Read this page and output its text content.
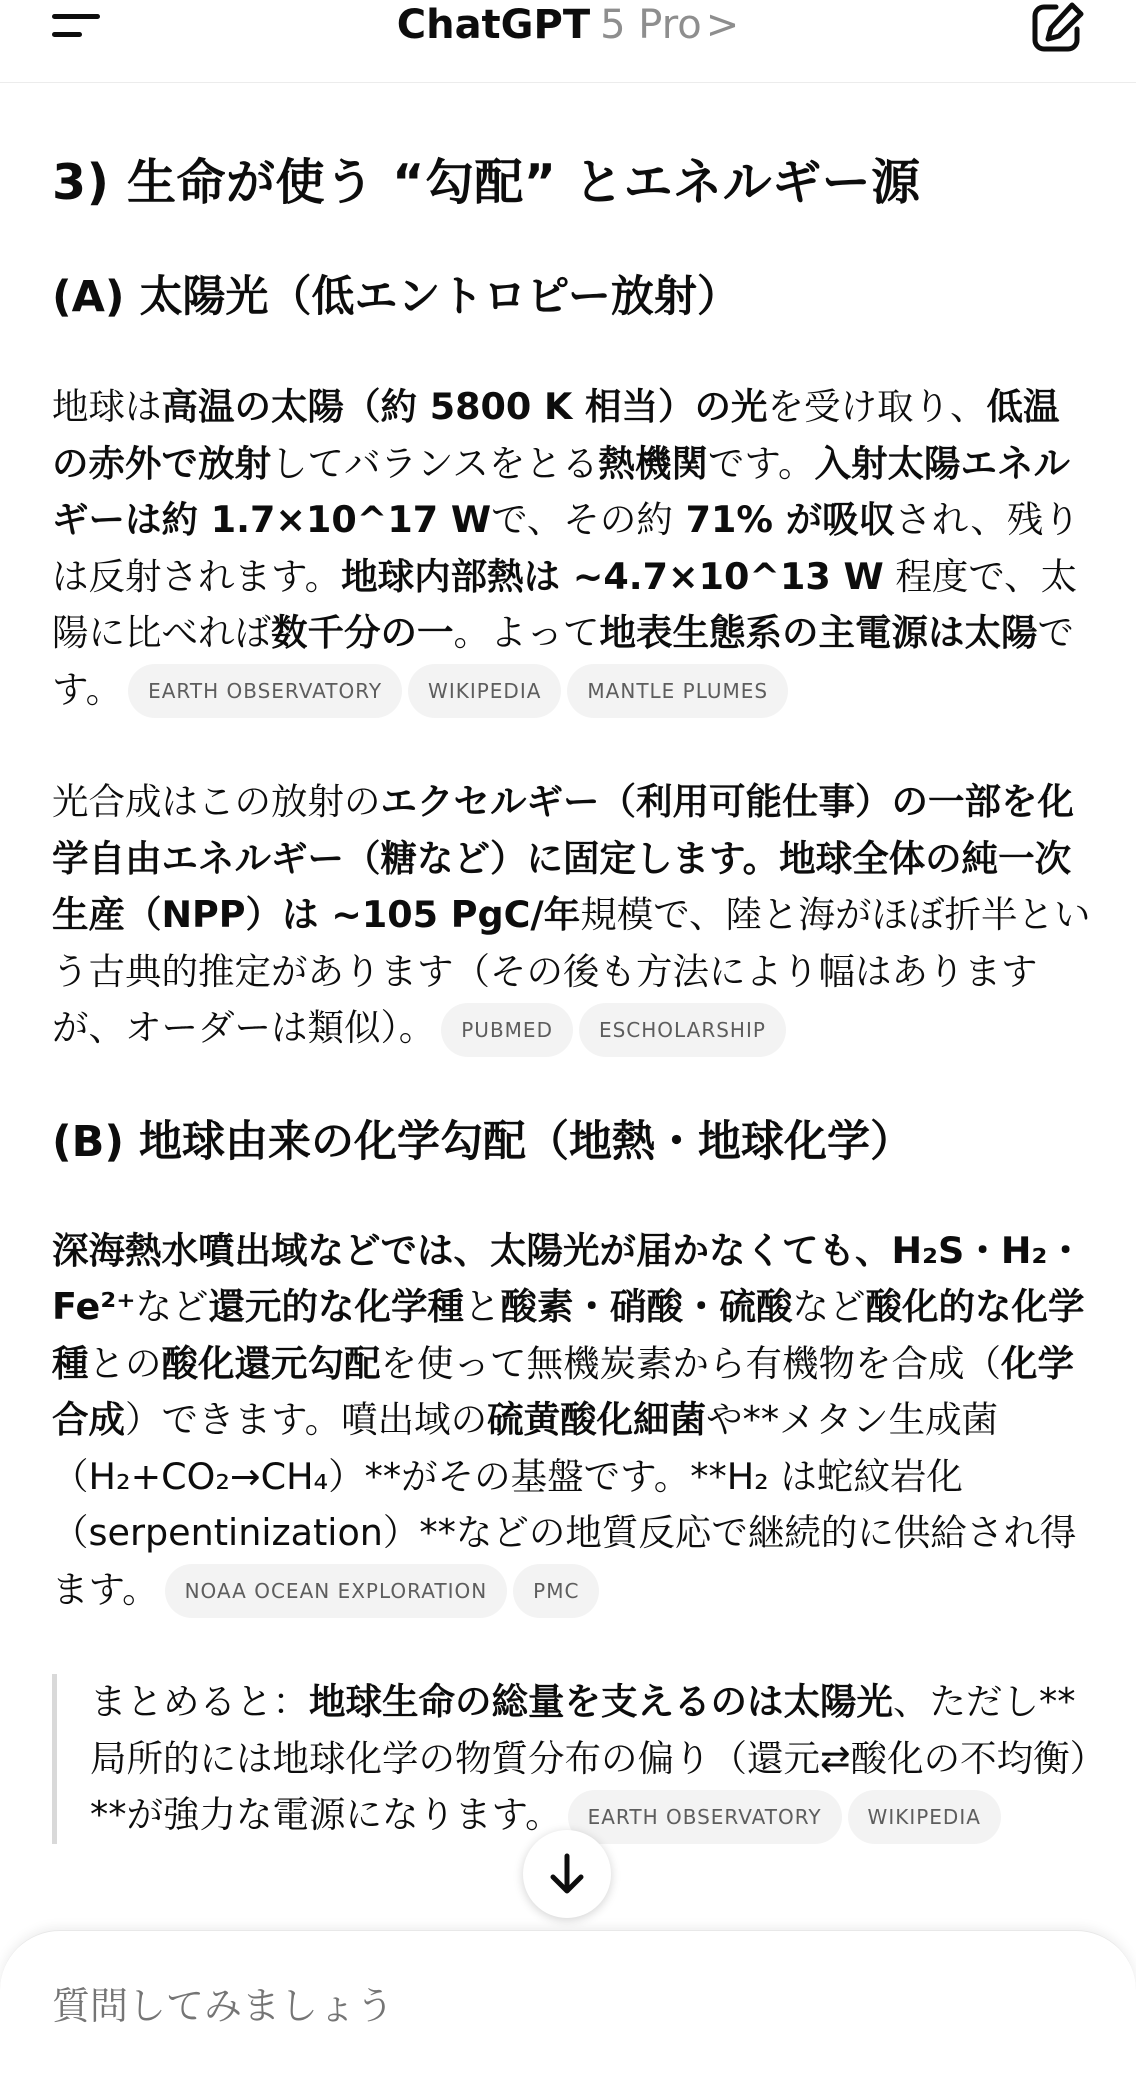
ChatGPT 5 Pro >
3) 生命が使う “勾配” とエネルギー源
(A) 太陽光（低エントロピー放射）

地球は高温の太陽（約 5800 K 相当）の光を受け取り、低温の赤外で放射してバランスをとる熱機関です。入射太陽エネルギーは約 1.7×10^17 Wで、その約 71% が吸収され、残りは反射されます。地球内部熱は ~4.7×10^13 W 程度で、太陽に比べれば数千分の一。よって地表生態系の主電源は太陽です。 EARTH OBSERVATORY WIKIPEDIA MANTLE PLUMES

光合成はこの放射のエクセルギー（利用可能仕事）の一部を化学自由エネルギー（糖など）に固定します。地球全体の純一次生産（NPP）は ~105 PgC/年規模で、陸と海がほぼ折半という古典的推定があります（その後も方法により幅はありますが、オーダーは類似）。 PUBMED ESCHOLARSHIP

(B) 地球由来の化学勾配（地熱・地球化学）

深海熱水噴出域などでは、太陽光が届かなくても、H₂S・H₂・Fe²⁺など還元的な化学種と酸素・硝酸・硫酸など酸化的な化学種との酸化還元勾配を使って無機炭素から有機物を合成（化学合成）できます。噴出域の硫黄酸化細菌や**メタン生成菌（H₂+CO₂→CH₄）**がその基盤です。**H₂ は蛇紋岩化（serpentinization）**などの地質反応で継続的に供給され得ます。 NOAA OCEAN EXPLORATION PMC

まとめると：地球生命の総量を支えるのは太陽光、ただし**局所的には地球化学の物質分布の偏り（還元⇄酸化の不均衡）**が強力な電源になります。 EARTH OBSERVATORY WIKIPEDIA

質問してみましょう
